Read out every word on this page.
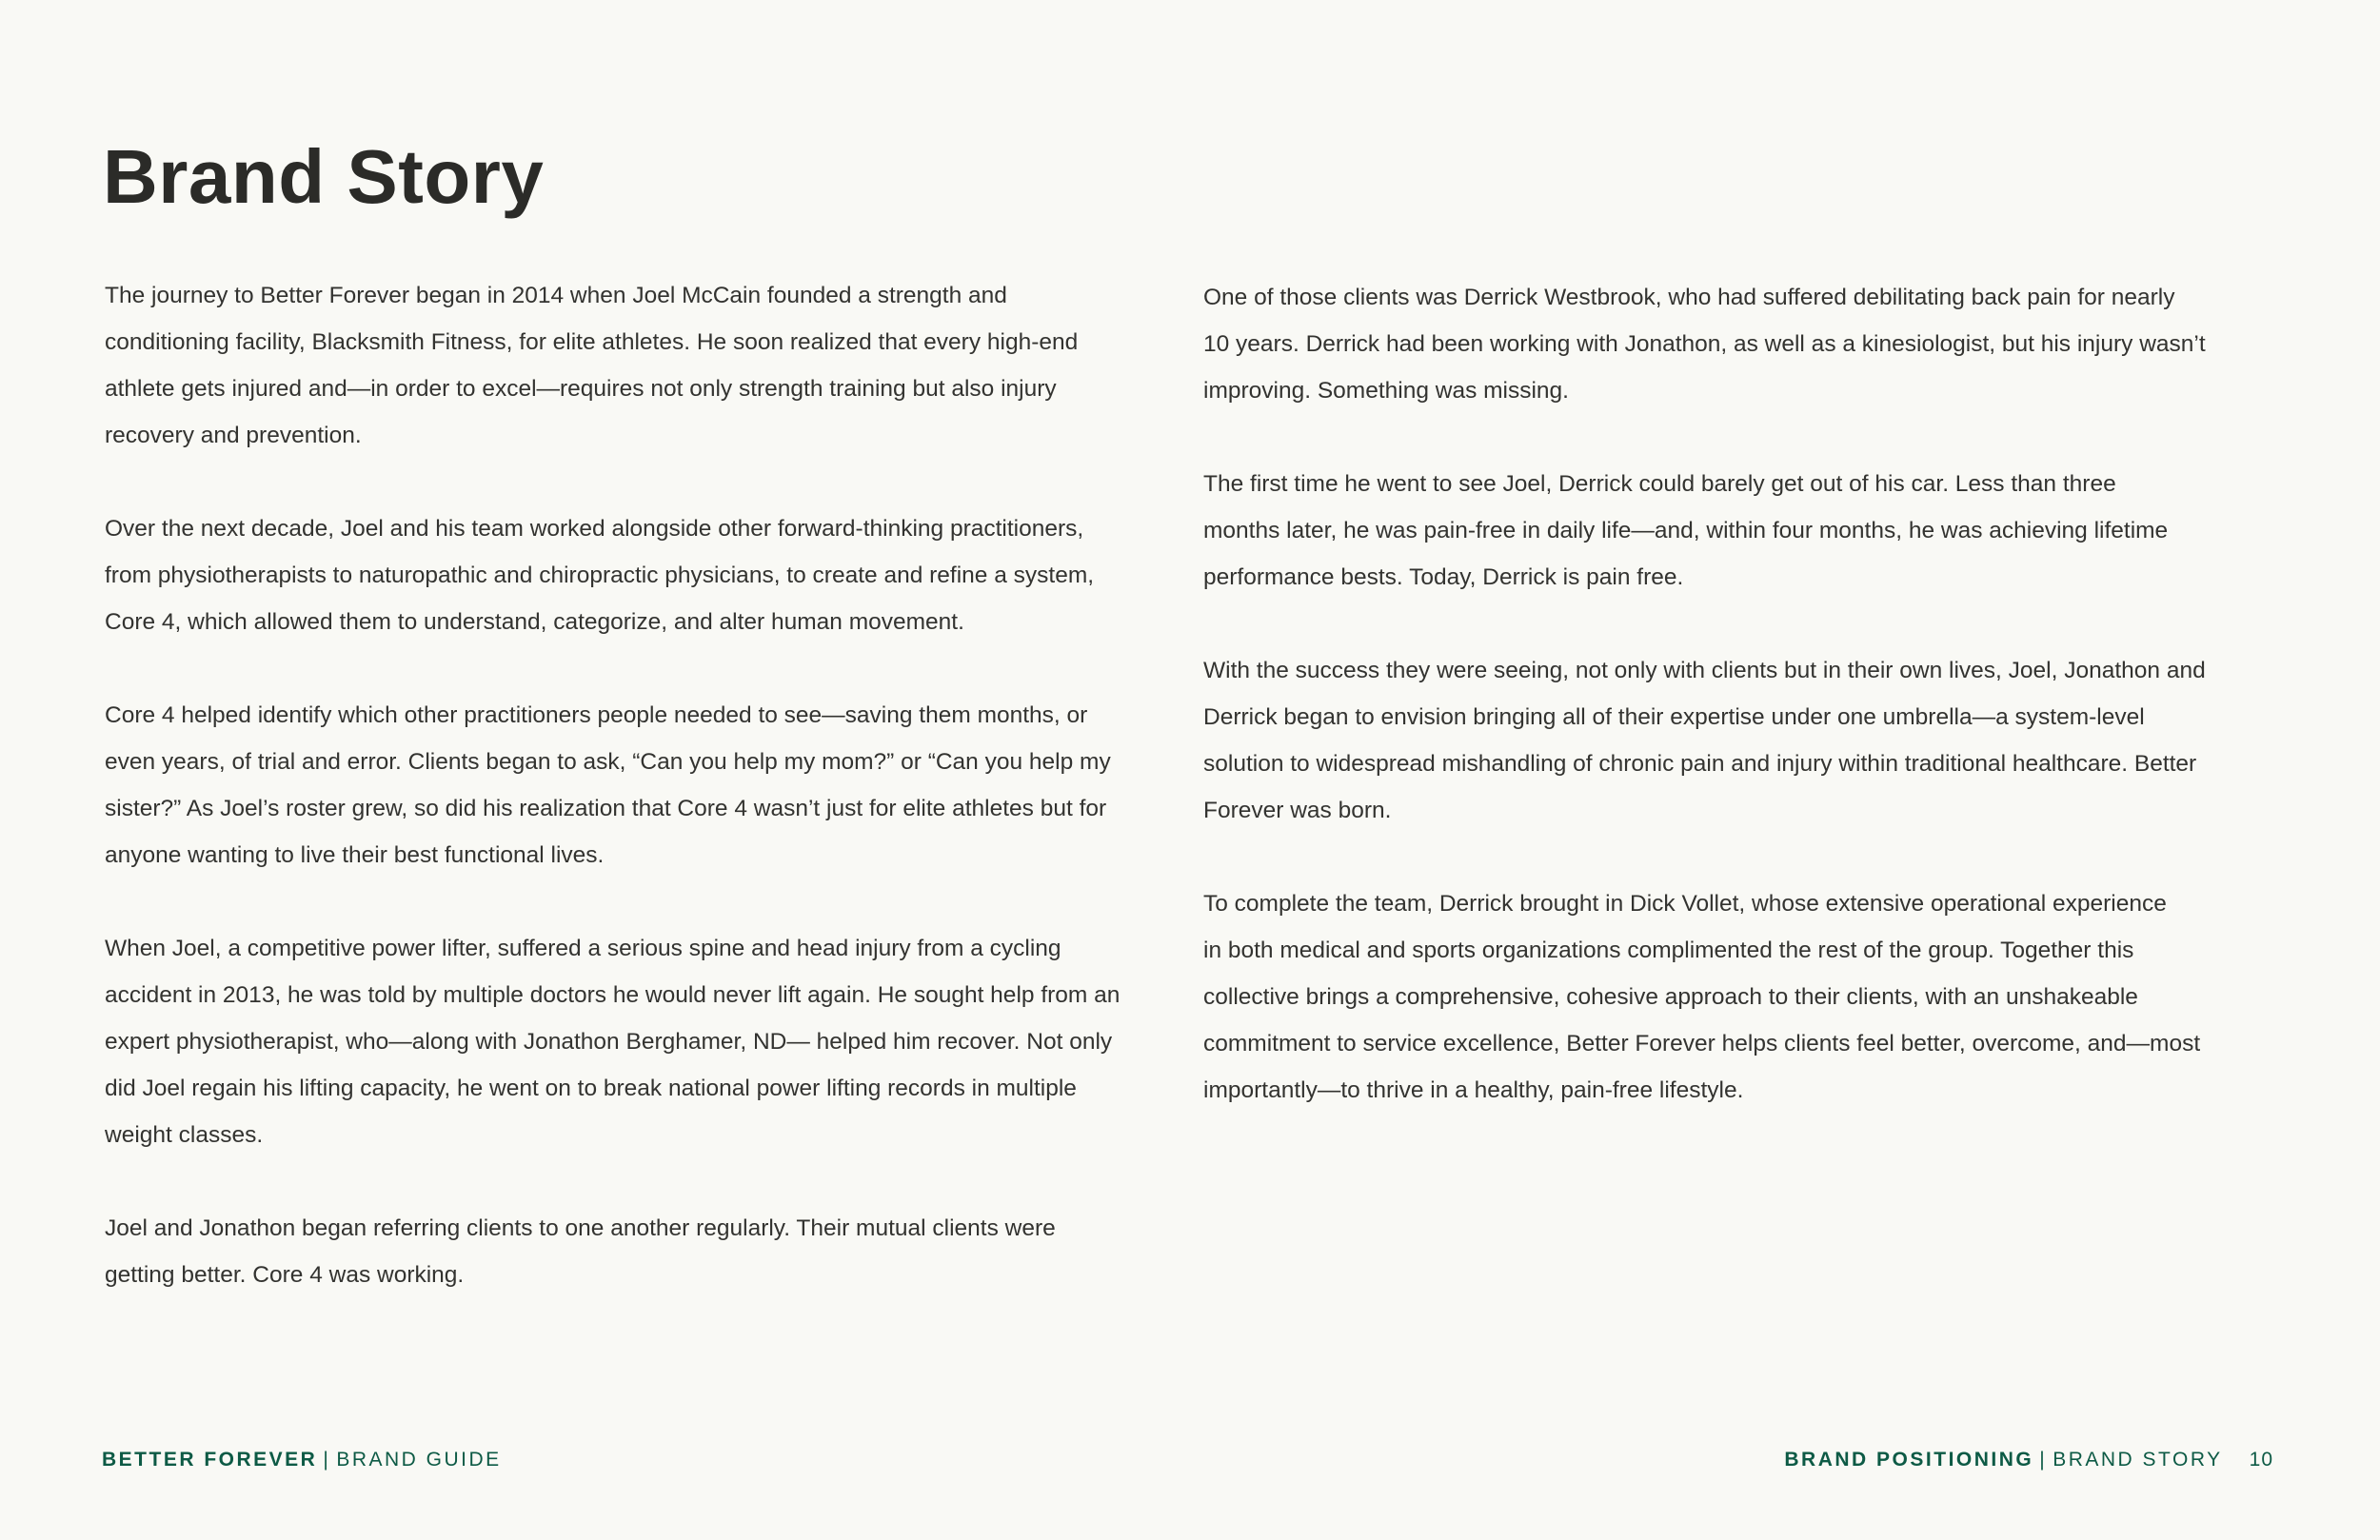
Brand Story

The journey to Better Forever began in 2014 when Joel McCain founded a strength and
conditioning facility, Blacksmith Fitness, for elite athletes. He soon realized that every high-end
athlete gets injured and—in order to excel—requires not only strength training but also injury
recovery and prevention.

Over the next decade, Joel and his team worked alongside other forward-thinking practitioners,
from physiotherapists to naturopathic and chiropractic physicians, to create and refine a system,
Core 4, which allowed them to understand, categorize, and alter human movement.

Core 4 helped identify which other practitioners people needed to see—saving them months, or
even years, of trial and error. Clients began to ask, “Can you help my mom?” or “Can you help my
sister?” As Joel’s roster grew, so did his realization that Core 4 wasn’t just for elite athletes but for
anyone wanting to live their best functional lives.

When Joel, a competitive power lifter, suffered a serious spine and head injury from a cycling
accident in 2013, he was told by multiple doctors he would never lift again. He sought help from an
expert physiotherapist, who—along with Jonathon Berghamer, ND— helped him recover. Not only
did Joel regain his lifting capacity, he went on to break national power lifting records in multiple
weight classes.

Joel and Jonathon began referring clients to one another regularly. Their mutual clients were
getting better. Core 4 was working.

One of those clients was Derrick Westbrook, who had suffered debilitating back pain for nearly
10 years. Derrick had been working with Jonathon, as well as a kinesiologist, but his injury wasn’t
improving. Something was missing.

The first time he went to see Joel, Derrick could barely get out of his car. Less than three
months later, he was pain-free in daily life—and, within four months, he was achieving lifetime
performance bests. Today, Derrick is pain free.

With the success they were seeing, not only with clients but in their own lives, Joel, Jonathon and
Derrick began to envision bringing all of their expertise under one umbrella—a system-level
solution to widespread mishandling of chronic pain and injury within traditional healthcare. Better
Forever was born.

To complete the team, Derrick brought in Dick Vollet, whose extensive operational experience
in both medical and sports organizations complimented the rest of the group. Together this
collective brings a comprehensive, cohesive approach to their clients, with an unshakeable
commitment to service excellence, Better Forever helps clients feel better, overcome, and—most
importantly—to thrive in a healthy, pain-free lifestyle.

BETTER FOREVER | BRAND GUIDE	BRAND POSITIONING | BRAND STORY 10
